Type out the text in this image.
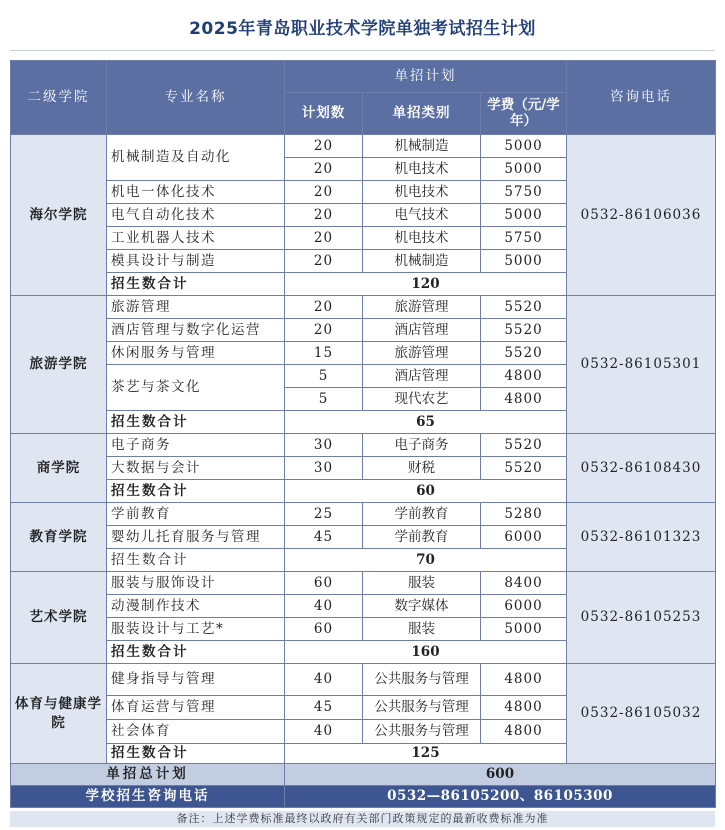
2025年青岛职业技术学院单独考试招生计划
二级学院	专业名称	单招计划			咨询电话
		计划数	单招类别	学费（元/学年）	
海尔学院	机械制造及自动化	20	机械制造	5000	0532-86106036
		20	机电技术	5000	
	机电一体化技术	20	机电技术	5750	
	电气自动化技术	20	电气技术	5000	
	工业机器人技术	20	机电技术	5750	
	模具设计与制造	20	机械制造	5000	
	招生数合计	120			
旅游学院	旅游管理	20	旅游管理	5520	0532-86105301
	酒店管理与数字化运营	20	酒店管理	5520	
	休闲服务与管理	15	旅游管理	5520	
	茶艺与茶文化	5	酒店管理	4800	
		5	现代农艺	4800	
	招生数合计	65			
商学院	电子商务	30	电子商务	5520	0532-86108430
	大数据与会计	30	财税	5520	
	招生数合计	60			
教育学院	学前教育	25	学前教育	5280	0532-86101323
	婴幼儿托育服务与管理	45	学前教育	6000	
	招生数合计	70			
艺术学院	服装与服饰设计	60	服装	8400	0532-86105253
	动漫制作技术	40	数字媒体	6000	
	服装设计与工艺*	60	服装	5000	
	招生数合计	160			
体育与健康学院	健身指导与管理	40	公共服务与管理	4800	0532-86105032
	体育运营与管理	45	公共服务与管理	4800	
	社会体育	40	公共服务与管理	4800	
	招生数合计	125			
单招总计划		600			
学校招生咨询电话		0532—86105200、86105300			
备注：上述学费标准最终以政府有关部门政策规定的最新收费标准为准
